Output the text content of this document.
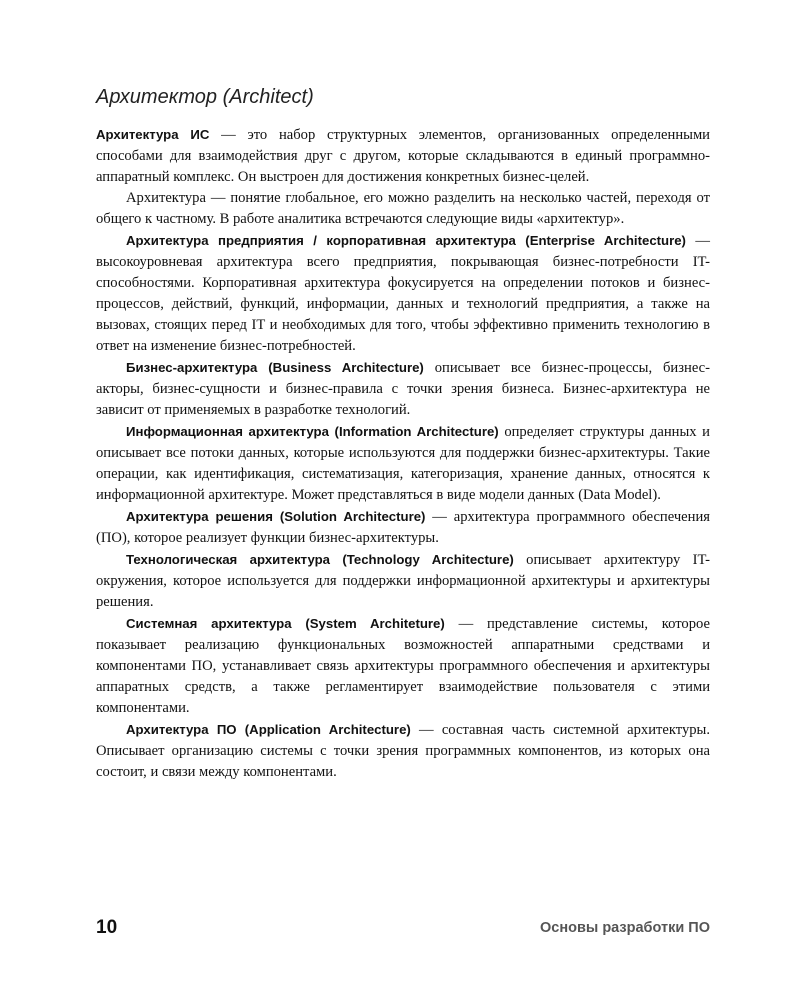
Архитектор (Architect)

Архитектура ИС — это набор структурных элементов, организованных определенными способами для взаимодействия друг с другом, которые складываются в единый программно-аппаратный комплекс. Он выстроен для достижения конкретных бизнес-целей.

Архитектура — понятие глобальное, его можно разделить на несколько частей, переходя от общего к частному. В работе аналитика встречаются следующие виды «архитектур».

Архитектура предприятия / корпоративная архитектура (Enterprise Architecture) — высокоуровневая архитектура всего предприятия, покрывающая бизнес-потребности IT-способностями. Корпоративная архитектура фокусируется на определении потоков и бизнес-процессов, действий, функций, информации, данных и технологий предприятия, а также на вызовах, стоящих перед IT и необходимых для того, чтобы эффективно применить технологию в ответ на изменение бизнес-потребностей.

Бизнес-архитектура (Business Architecture) описывает все бизнес-процессы, бизнес-акторы, бизнес-сущности и бизнес-правила с точки зрения бизнеса. Бизнес-архитектура не зависит от применяемых в разработке технологий.

Информационная архитектура (Information Architecture) определяет структуры данных и описывает все потоки данных, которые используются для поддержки бизнес-архитектуры. Такие операции, как идентификация, систематизация, категоризация, хранение данных, относятся к информационной архитектуре. Может представляться в виде модели данных (Data Model).

Архитектура решения (Solution Architecture) — архитектура программного обеспечения (ПО), которое реализует функции бизнес-архитектуры.

Технологическая архитектура (Technology Architecture) описывает архитектуру IT-окружения, которое используется для поддержки информационной архитектуры и архитектуры решения.

Системная архитектура (System Architeture) — представление системы, которое показывает реализацию функциональных возможностей аппаратными средствами и компонентами ПО, устанавливает связь архитектуры программного обеспечения и архитектуры аппаратных средств, а также регламентирует взаимодействие пользователя с этими компонентами.

Архитектура ПО (Application Architecture) — составная часть системной архитектуры. Описывает организацию системы с точки зрения программных компонентов, из которых она состоит, и связи между компонентами.

10	Основы разработки ПО
